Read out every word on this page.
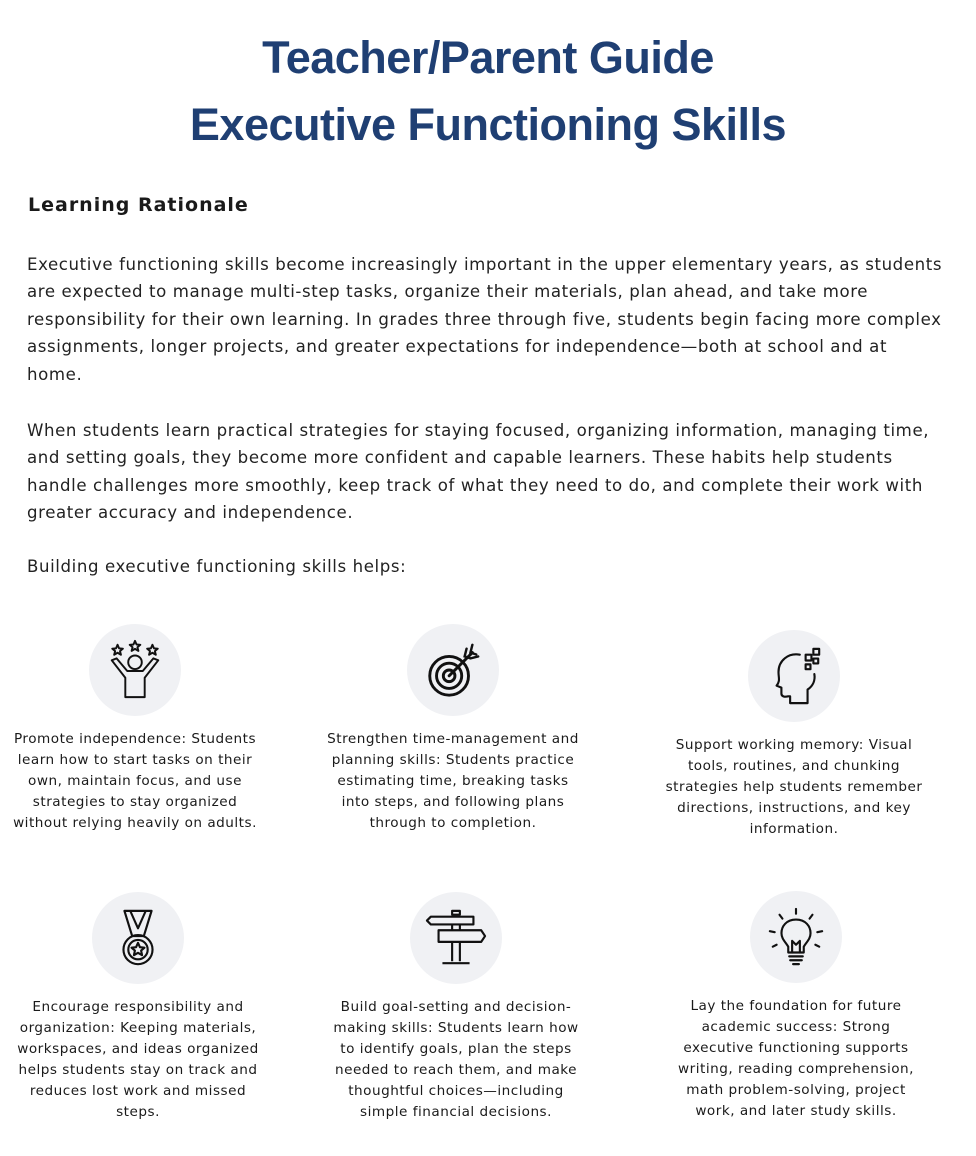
Teacher/Parent Guide
Executive Functioning Skills
Learning Rationale

Executive functioning skills become increasingly important in the upper elementary years, as students are expected to manage multi-step tasks, organize their materials, plan ahead, and take more responsibility for their own learning. In grades three through five, students begin facing more complex assignments, longer projects, and greater expectations for independence—both at school and at home.

When students learn practical strategies for staying focused, organizing information, managing time, and setting goals, they become more confident and capable learners. These habits help students handle challenges more smoothly, keep track of what they need to do, and complete their work with greater accuracy and independence.

Building executive functioning skills helps:

Promote independence: Students learn how to start tasks on their own, maintain focus, and use strategies to stay organized without relying heavily on adults.
Strengthen time-management and planning skills: Students practice estimating time, breaking tasks into steps, and following plans through to completion.
Support working memory: Visual tools, routines, and chunking strategies help students remember directions, instructions, and key information.
Encourage responsibility and organization: Keeping materials, workspaces, and ideas organized helps students stay on track and reduces lost work and missed steps.
Build goal-setting and decision-making skills: Students learn how to identify goals, plan the steps needed to reach them, and make thoughtful choices—including simple financial decisions.
Lay the foundation for future academic success: Strong executive functioning supports writing, reading comprehension, math problem-solving, project work, and later study skills.
